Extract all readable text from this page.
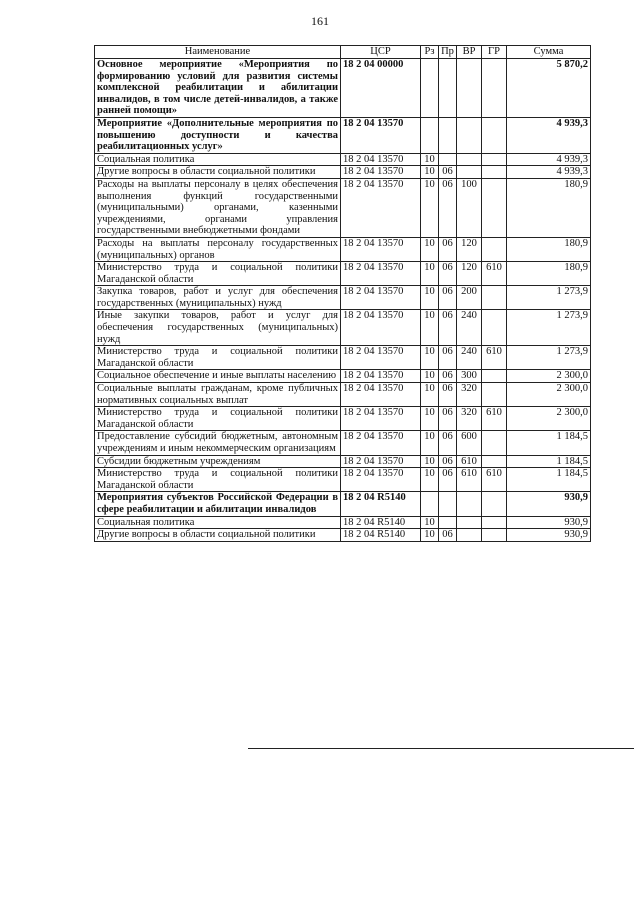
161
Наименование	ЦСР	Рз	Пр	ВР	ГР	Сумма
Основное мероприятие «Мероприятия по формированию условий для развития системы комплексной реабилитации и абилитации инвалидов, в том числе детей-инвалидов, а также ранней помощи»	18 2 04 00000					5 870,2
Мероприятие «Дополнительные мероприятия по повышению доступности и качества реабилитационных услуг»	18 2 04 13570					4 939,3
Социальная политика	18 2 04 13570	10				4 939,3
Другие вопросы в области социальной политики	18 2 04 13570	10	06			4 939,3
Расходы на выплаты персоналу в целях обеспечения выполнения функций государственными (муниципальными) органами, казенными учреждениями, органами управления государственными внебюджетными фондами	18 2 04 13570	10	06	100		180,9
Расходы на выплаты персоналу государственных (муниципальных) органов	18 2 04 13570	10	06	120		180,9
Министерство труда и социальной политики Магаданской области	18 2 04 13570	10	06	120	610	180,9
Закупка товаров, работ и услуг для обеспечения государственных (муниципальных) нужд	18 2 04 13570	10	06	200		1 273,9
Иные закупки товаров, работ и услуг для обеспечения государственных (муниципальных) нужд	18 2 04 13570	10	06	240		1 273,9
Министерство труда и социальной политики Магаданской области	18 2 04 13570	10	06	240	610	1 273,9
Социальное обеспечение и иные выплаты населению	18 2 04 13570	10	06	300		2 300,0
Социальные выплаты гражданам, кроме публичных нормативных социальных выплат	18 2 04 13570	10	06	320		2 300,0
Министерство труда и социальной политики Магаданской области	18 2 04 13570	10	06	320	610	2 300,0
Предоставление субсидий бюджетным, автономным учреждениям и иным некоммерческим организациям	18 2 04 13570	10	06	600		1 184,5
Субсидии бюджетным учреждениям	18 2 04 13570	10	06	610		1 184,5
Министерство труда и социальной политики Магаданской области	18 2 04 13570	10	06	610	610	1 184,5
Мероприятия субъектов Российской Федерации в сфере реабилитации и абилитации инвалидов	18 2 04 R5140					930,9
Социальная политика	18 2 04 R5140	10				930,9
Другие вопросы в области социальной политики	18 2 04 R5140	10	06			930,9
